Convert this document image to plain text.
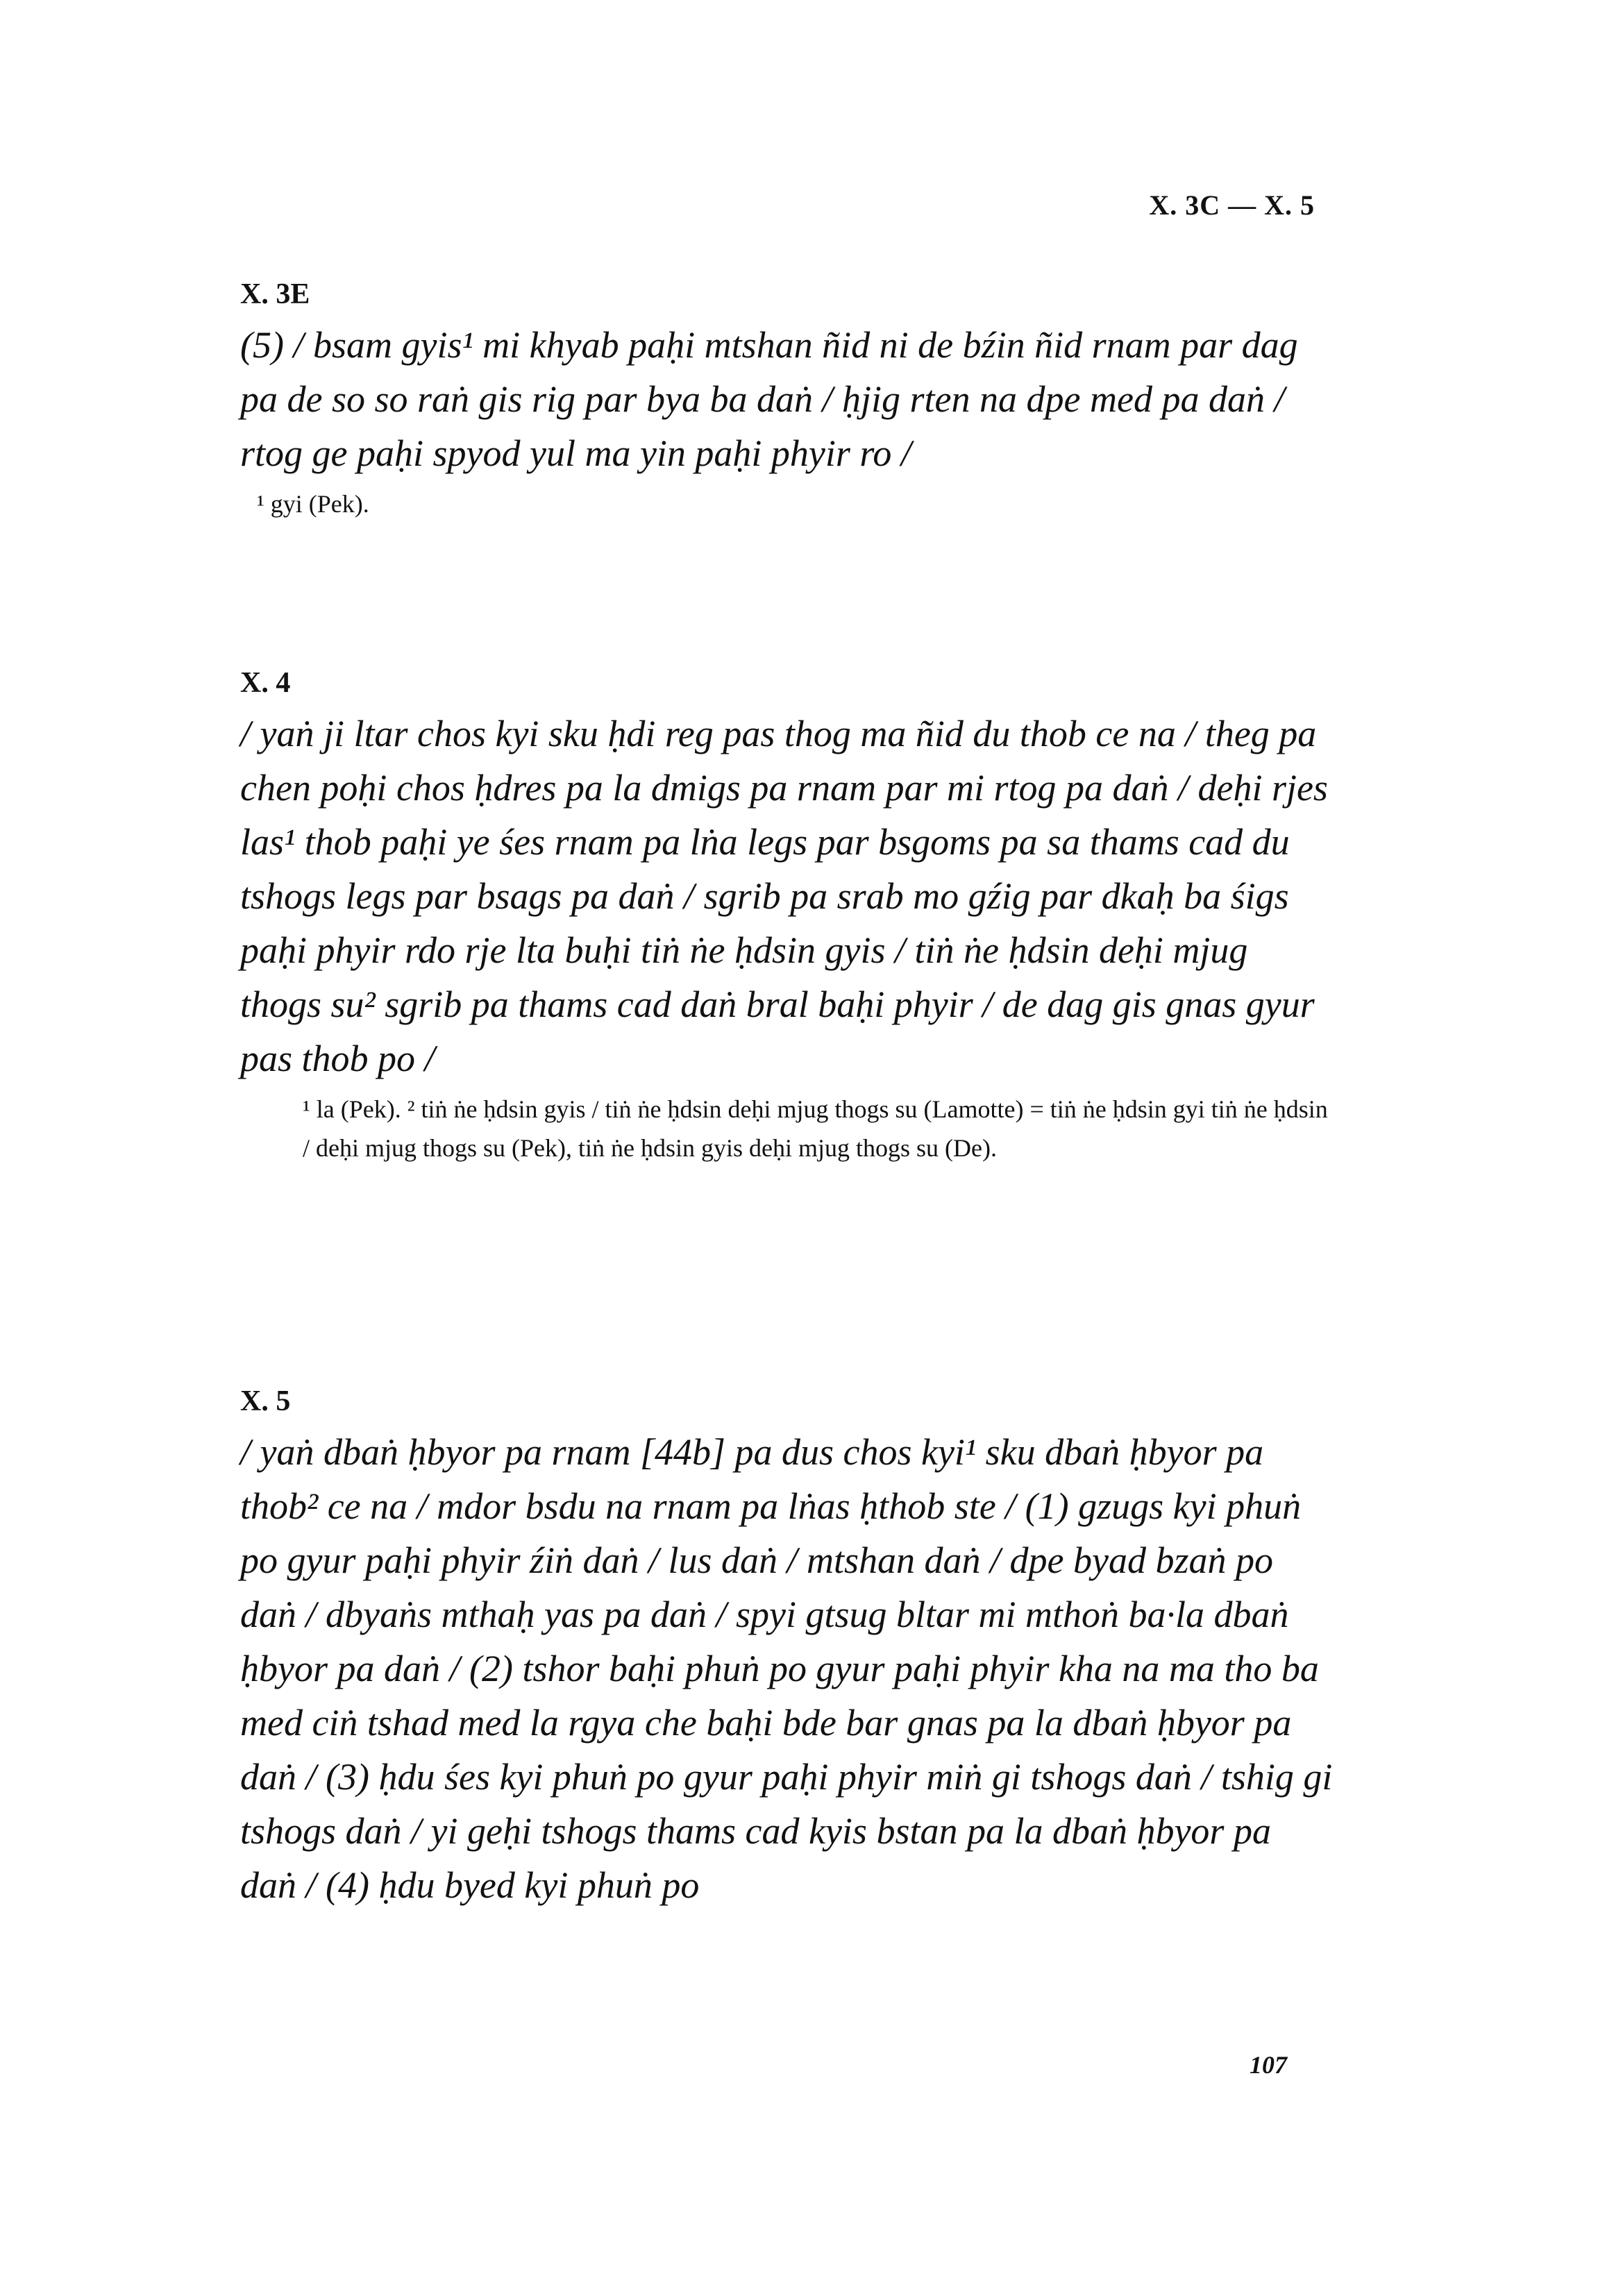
X. 3C — X. 5
X. 3E
(5) / bsam gyis¹ mi khyab paḥi mtshan ñid ni de bźin ñid rnam par dag pa de so so raṅ gis rig par bya ba daṅ / ḥjig rten na dpe med pa daṅ / rtog ge paḥi spyod yul ma yin paḥi phyir ro /
¹ gyi (Pek).
X. 4
/ yaṅ ji ltar chos kyi sku ḥdi reg pas thog ma ñid du thob ce na / theg pa chen poḥi chos ḥdres pa la dmigs pa rnam par mi rtog pa daṅ / deḥi rjes las¹ thob paḥi ye śes rnam pa lṅa legs par bsgoms pa sa thams cad du tshogs legs par bsags pa daṅ / sgrib pa srab mo gźig par dkaḥ ba śigs paḥi phyir rdo rje lta buḥi tiṅ ṅe ḥdsin gyis / tiṅ ṅe ḥdsin deḥi mjug thogs su² sgrib pa thams cad daṅ bral baḥi phyir / de dag gis gnas gyur pas thob po /
¹ la (Pek). ² tiṅ ṅe ḥdsin gyis / tiṅ ṅe ḥdsin deḥi mjug thogs su (Lamotte) = tiṅ ṅe ḥdsin gyi tiṅ ṅe ḥdsin / deḥi mjug thogs su (Pek), tiṅ ṅe ḥdsin gyis deḥi mjug thogs su (De).
X. 5
/ yaṅ dbaṅ ḥbyor pa rnam [44b] pa dus chos kyi¹ sku dbaṅ ḥbyor pa thob² ce na / mdor bsdu na rnam pa lṅas ḥthob ste / (1) gzugs kyi phuṅ po gyur paḥi phyir źiṅ daṅ / lus daṅ / mtshan daṅ / dpe byad bzaṅ po daṅ / dbyaṅs mthaḥ yas pa daṅ / spyi gtsug bltar mi mthoṅ ba·la dbaṅ ḥbyor pa daṅ / (2) tshor baḥi phuṅ po gyur paḥi phyir kha na ma tho ba med ciṅ tshad med la rgya che baḥi bde bar gnas pa la dbaṅ ḥbyor pa daṅ / (3) ḥdu śes kyi phuṅ po gyur paḥi phyir miṅ gi tshogs daṅ / tshig gi tshogs daṅ / yi geḥi tshogs thams cad kyis bstan pa la dbaṅ ḥbyor pa daṅ / (4) ḥdu byed kyi phuṅ po
107
